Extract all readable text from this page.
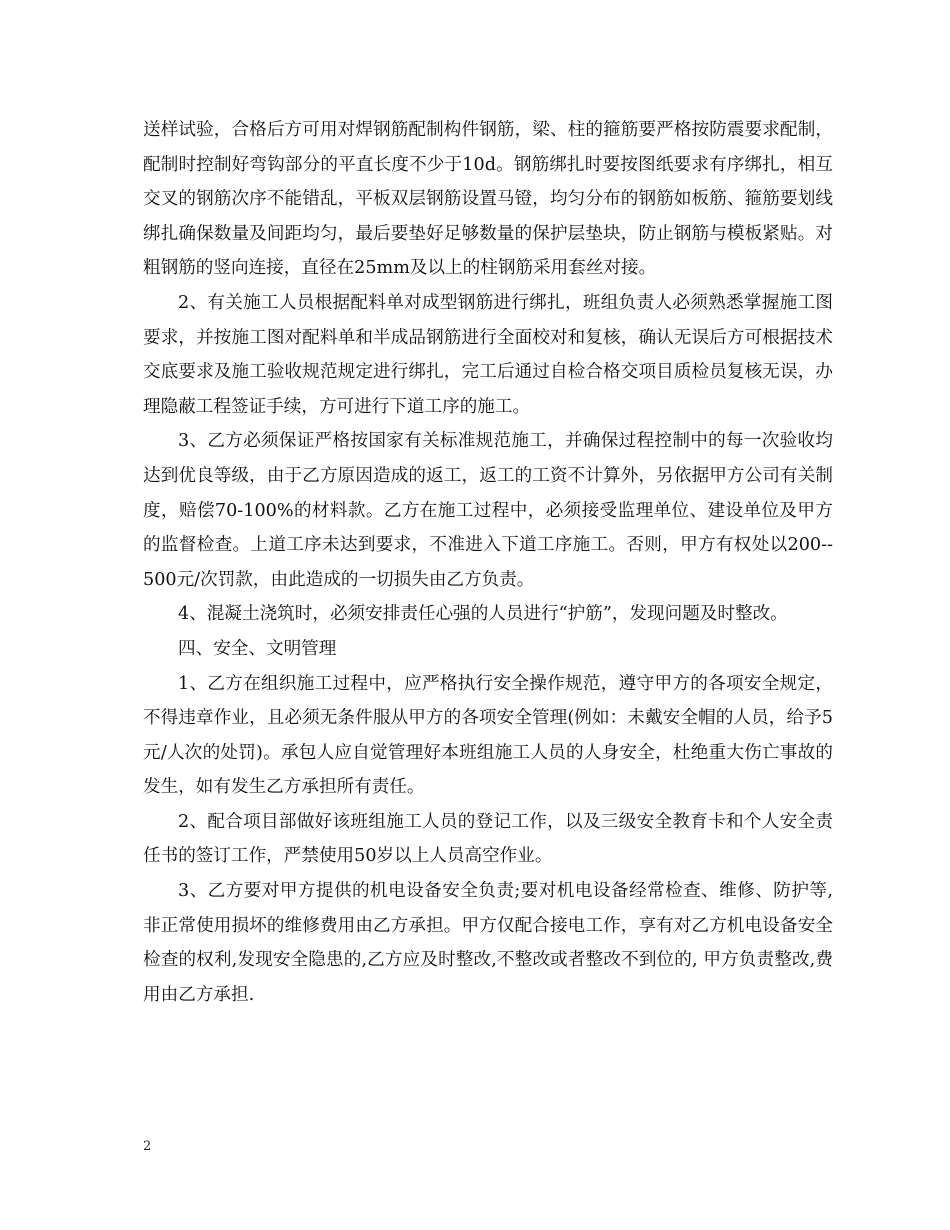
送样试验，合格后方可用对焊钢筋配制构件钢筋，梁、柱的箍筋要严格按防震要求配制，配制时控制好弯钩部分的平直长度不少于10d。钢筋绑扎时要按图纸要求有序绑扎，相互交叉的钢筋次序不能错乱，平板双层钢筋设置马镫，均匀分布的钢筋如板筋、箍筋要划线绑扎确保数量及间距均匀，最后要垫好足够数量的保护层垫块，防止钢筋与模板紧贴。对粗钢筋的竖向连接，直径在25mm及以上的柱钢筋采用套丝对接。

2、有关施工人员根据配料单对成型钢筋进行绑扎，班组负责人必须熟悉掌握施工图要求，并按施工图对配料单和半成品钢筋进行全面校对和复核，确认无误后方可根据技术交底要求及施工验收规范规定进行绑扎，完工后通过自检合格交项目质检员复核无误，办理隐蔽工程签证手续，方可进行下道工序的施工。

3、乙方必须保证严格按国家有关标准规范施工，并确保过程控制中的每一次验收均达到优良等级，由于乙方原因造成的返工，返工的工资不计算外，另依据甲方公司有关制度，赔偿70-100%的材料款。乙方在施工过程中，必须接受监理单位、建设单位及甲方的监督检查。上道工序未达到要求，不准进入下道工序施工。否则，甲方有权处以200--500元/次罚款，由此造成的一切损失由乙方负责。

4、混凝土浇筑时，必须安排责任心强的人员进行“护筋”，发现问题及时整改。

四、安全、文明管理

1、乙方在组织施工过程中，应严格执行安全操作规范，遵守甲方的各项安全规定，不得违章作业，且必须无条件服从甲方的各项安全管理(例如：未戴安全帽的人员，给予5元/人次的处罚)。承包人应自觉管理好本班组施工人员的人身安全，杜绝重大伤亡事故的发生，如有发生乙方承担所有责任。

2、配合项目部做好该班组施工人员的登记工作，以及三级安全教育卡和个人安全责任书的签订工作，严禁使用50岁以上人员高空作业。

3、乙方要对甲方提供的机电设备安全负责;要对机电设备经常检查、维修、防护等,非正常使用损坏的维修费用由乙方承担。甲方仅配合接电工作，享有对乙方机电设备安全检查的权利,发现安全隐患的,乙方应及时整改,不整改或者整改不到位的, 甲方负责整改,费用由乙方承担.

2
